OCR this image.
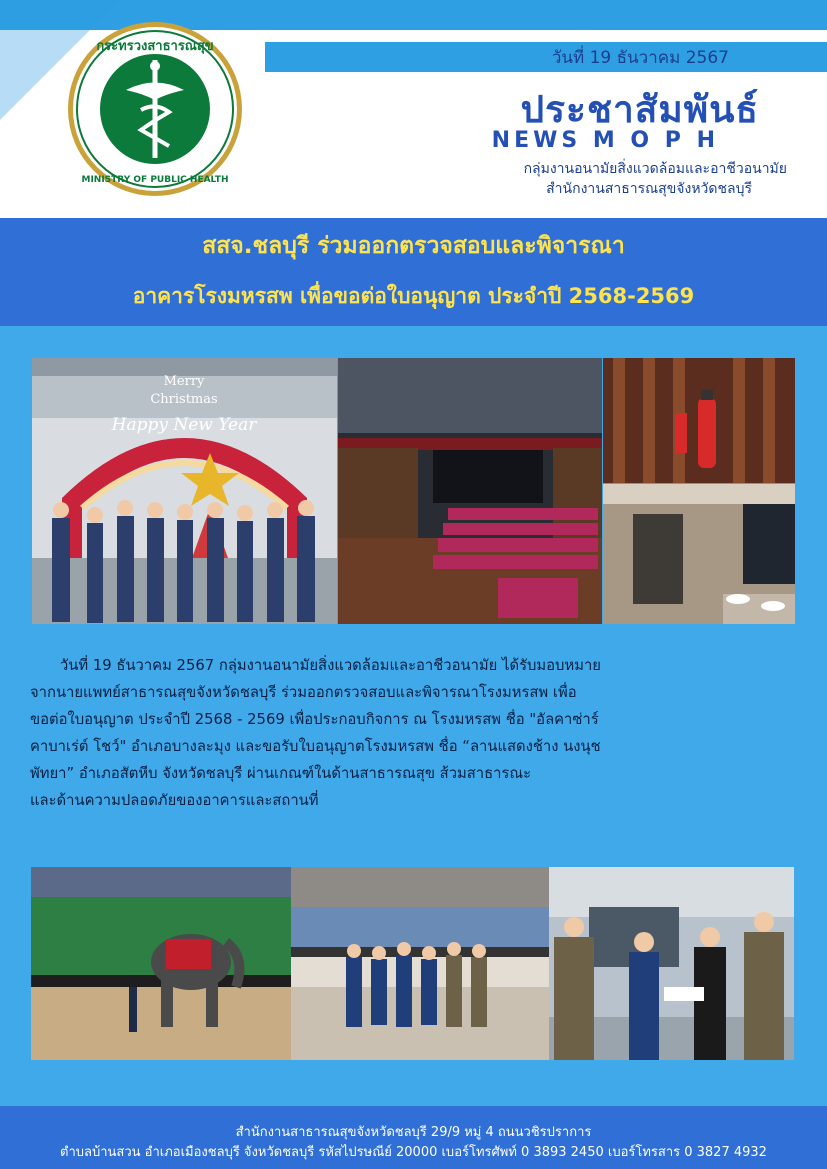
กระทรวงสาธารณสุข
MINISTRY OF PUBLIC HEALTH
วันที่ 19 ธันวาคม 2567
ประชาสัมพันธ์
NEWS M O P H
กลุ่มงานอนามัยสิ่งแวดล้อมและอาชีวอนามัย
สำนักงานสาธารณสุขจังหวัดชลบุรี
สสจ.ชลบุรี ร่วมออกตรวจสอบและพิจารณา
อาคารโรงมหรสพ เพื่อขอต่อใบอนุญาต ประจำปี 2568-2569
Merry
Christmas
Happy New Year

วันที่ 19 ธันวาคม 2567 กลุ่มงานอนามัยสิ่งแวดล้อมและอาชีวอนามัย ได้รับมอบหมาย

จากนายแพทย์สาธารณสุขจังหวัดชลบุรี ร่วมออกตรวจสอบและพิจารณาโรงมหรสพ เพื่อ

ขอต่อใบอนุญาต ประจำปี 2568 - 2569 เพื่อประกอบกิจการ ณ โรงมหรสพ ชื่อ "อัลคาซ่าร์

คาบาเร่ต์ โชว์" อำเภอบางละมุง และขอรับใบอนุญาตโรงมหรสพ ชื่อ “ลานแสดงช้าง นงนุช

พัทยา” อำเภอสัตหีบ จังหวัดชลบุรี ผ่านเกณฑ์ในด้านสาธารณสุข ส้วมสาธารณะ

และด้านความปลอดภัยของอาคารและสถานที่

สำนักงานสาธารณสุขจังหวัดชลบุรี 29/9 หมู่ 4 ถนนวชิรปราการ
ตำบลบ้านสวน อำเภอเมืองชลบุรี จังหวัดชลบุรี รหัสไปรษณีย์ 20000 เบอร์โทรศัพท์ 0 3893 2450 เบอร์โทรสาร 0 3827 4932
